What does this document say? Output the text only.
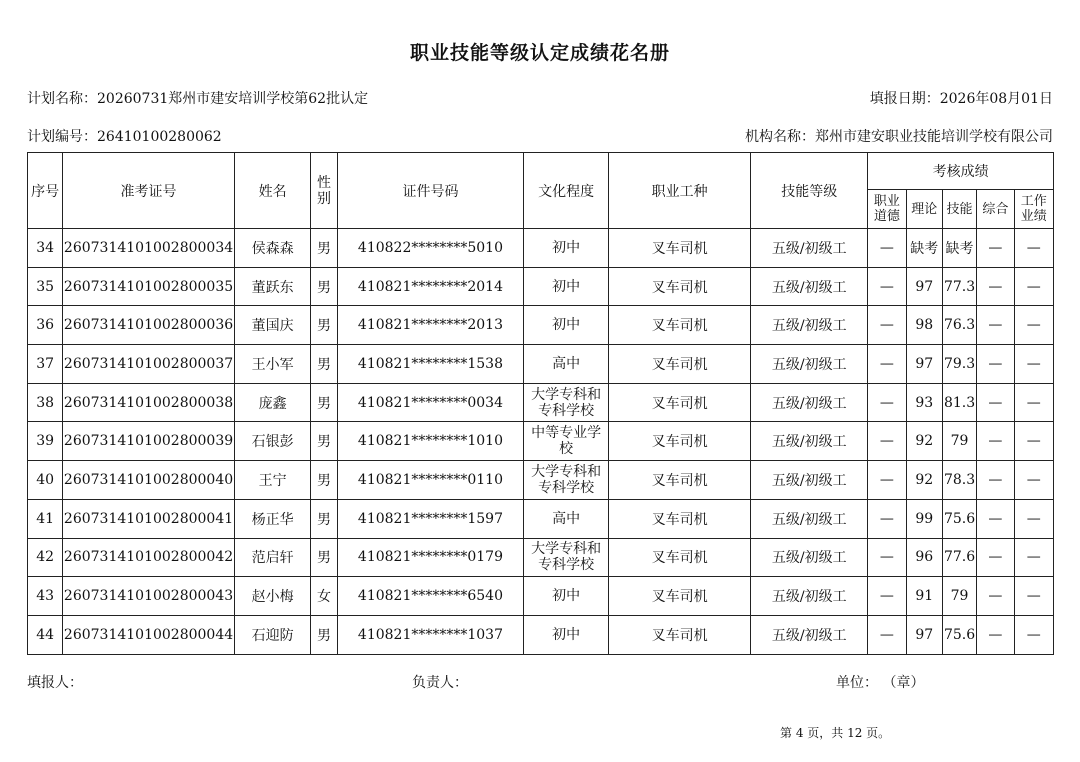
职业技能等级认定成绩花名册
计划名称：20260731郑州市建安培训学校第62批认定	填报日期：2026年08月01日
计划编号：26410100280062	机构名称：郑州市建安职业技能培训学校有限公司
序号	准考证号	姓名	性别	证件号码	文化程度	职业工种	技能等级	考核成绩				
								职业道德	理论	技能	综合	工作业绩
34	2607314101002800034	侯森森	男	410822********5010	初中	叉车司机	五级/初级工	—	缺考	缺考	—	—
35	2607314101002800035	董跃东	男	410821********2014	初中	叉车司机	五级/初级工	—	97	77.3	—	—
36	2607314101002800036	董国庆	男	410821********2013	初中	叉车司机	五级/初级工	—	98	76.3	—	—
37	2607314101002800037	王小军	男	410821********1538	高中	叉车司机	五级/初级工	—	97	79.3	—	—
38	2607314101002800038	庞鑫	男	410821********0034	大学专科和专科学校	叉车司机	五级/初级工	—	93	81.3	—	—
39	2607314101002800039	石银彭	男	410821********1010	中等专业学校	叉车司机	五级/初级工	—	92	79	—	—
40	2607314101002800040	王宁	男	410821********0110	大学专科和专科学校	叉车司机	五级/初级工	—	92	78.3	—	—
41	2607314101002800041	杨正华	男	410821********1597	高中	叉车司机	五级/初级工	—	99	75.6	—	—
42	2607314101002800042	范启轩	男	410821********0179	大学专科和专科学校	叉车司机	五级/初级工	—	96	77.6	—	—
43	2607314101002800043	赵小梅	女	410821********6540	初中	叉车司机	五级/初级工	—	91	79	—	—
44	2607314101002800044	石迎防	男	410821********1037	初中	叉车司机	五级/初级工	—	97	75.6	—	—
填报人：	负责人：	单位： （章）
第 4 页，共 12 页。
